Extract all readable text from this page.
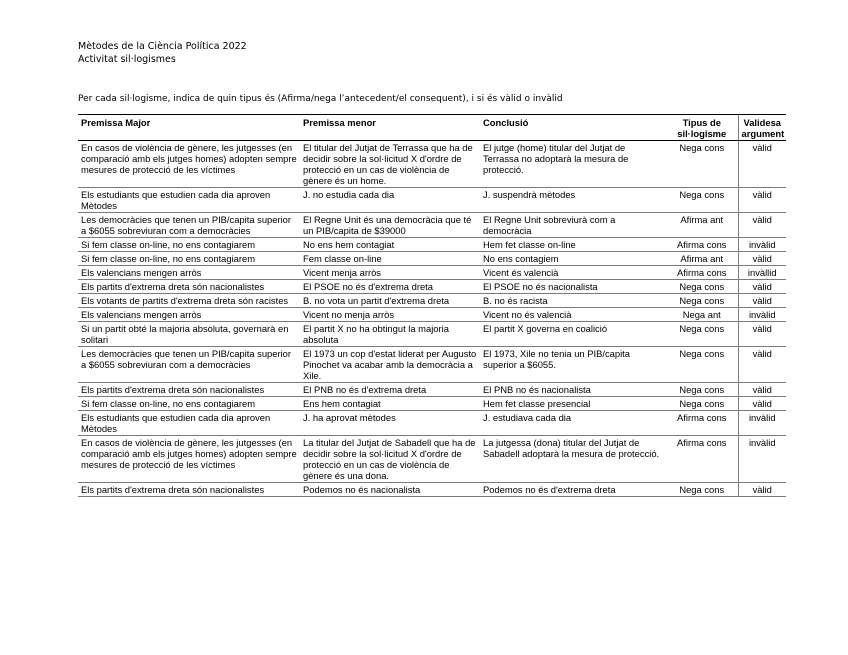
Mètodes de la Ciència Política 2022
Activitat sil·logismes
Per cada sil·logisme, indica de quin tipus és (Afirma/nega l’antecedent/el consequent), i si és vàlid o invàlid
Premissa Major	Premissa menor	Conclusió	Tipus de sil·logisme	Validesa argument
En casos de violència de gènere, les jutgesses (en comparació amb els jutges homes) adopten sempre mesures de protecció de les víctimes	El titular del Jutjat de Terrassa que ha de decidir sobre la sol·licitud X d'ordre de protecció en un cas de violència de gènere és un home.	El jutge (home) titular del Jutjat de Terrassa no adoptarà la mesura de protecció.	Nega cons	vàlid
Els estudiants que estudien cada dia aproven Mètodes	J. no estudia cada dia	J. suspendrà mètodes	Nega cons	vàlid
Les democràcies que tenen un PIB/capita superior a $6055 sobreviuran com a democràcies	El Regne Unit és una democràcia que té un PIB/capita de $39000	El Regne Unit sobreviurà com a democràcia	Afirma ant	vàlid
Si fem classe on-line, no ens contagiarem	No ens hem contagiat	Hem fet classe on-line	Afirma cons	invàlid
Si fem classe on-line, no ens contagiarem	Fem classe on-line	No ens contagiem	Afirma ant	vàlid
Els valencians mengen arròs	Vicent menja arròs	Vicent és valencià	Afirma cons	invàllid
Els partits d'extrema dreta són nacionalistes	El PSOE no és d'extrema dreta	El PSOE no és nacionalista	Nega cons	vàlid
Els votants de partits d'extrema dreta són racistes	B. no vota un partit d'extrema dreta	B. no és racista	Nega cons	vàlid
Els valencians mengen arròs	Vicent no menja arròs	Vicent no és valencià	Nega ant	invàlid
Si un partit obté la majoria absoluta, governarà en solitari	El partit X no ha obtingut la majoria absoluta	El partit X governa en coalició	Nega cons	vàlid
Les democràcies que tenen un PIB/capita superior a $6055 sobreviuran com a democràcies	El 1973 un cop d'estat liderat per Augusto Pinochet va acabar amb la democràcia a Xile.	El 1973, Xile no tenia un PIB/capita superior a $6055.	Nega cons	vàlid
Els partits d'extrema dreta són nacionalistes	El PNB no és d'extrema dreta	El PNB no és nacionalista	Nega cons	vàlid
Si fem classe on-line, no ens contagiarem	Ens hem contagiat	Hem fet classe presencial	Nega cons	vàlid
Els estudiants que estudien cada dia aproven Mètodes	J. ha aprovat mètodes	J. estudiava cada dia	Afirma cons	invàlid
En casos de violència de gènere, les jutgesses (en comparació amb els jutges homes) adopten sempre mesures de protecció de les víctimes	La titular del Jutjat de Sabadell que ha de decidir sobre la sol·licitud X d'ordre de protecció en un cas de violència de gènere és una dona.	La jutgessa (dona) titular del Jutjat de Sabadell adoptarà la mesura de protecció.	Afirma cons	invàlid
Els partits d'extrema dreta són nacionalistes	Podemos no és nacionalista	Podemos no és d'extrema dreta	Nega cons	vàlid
